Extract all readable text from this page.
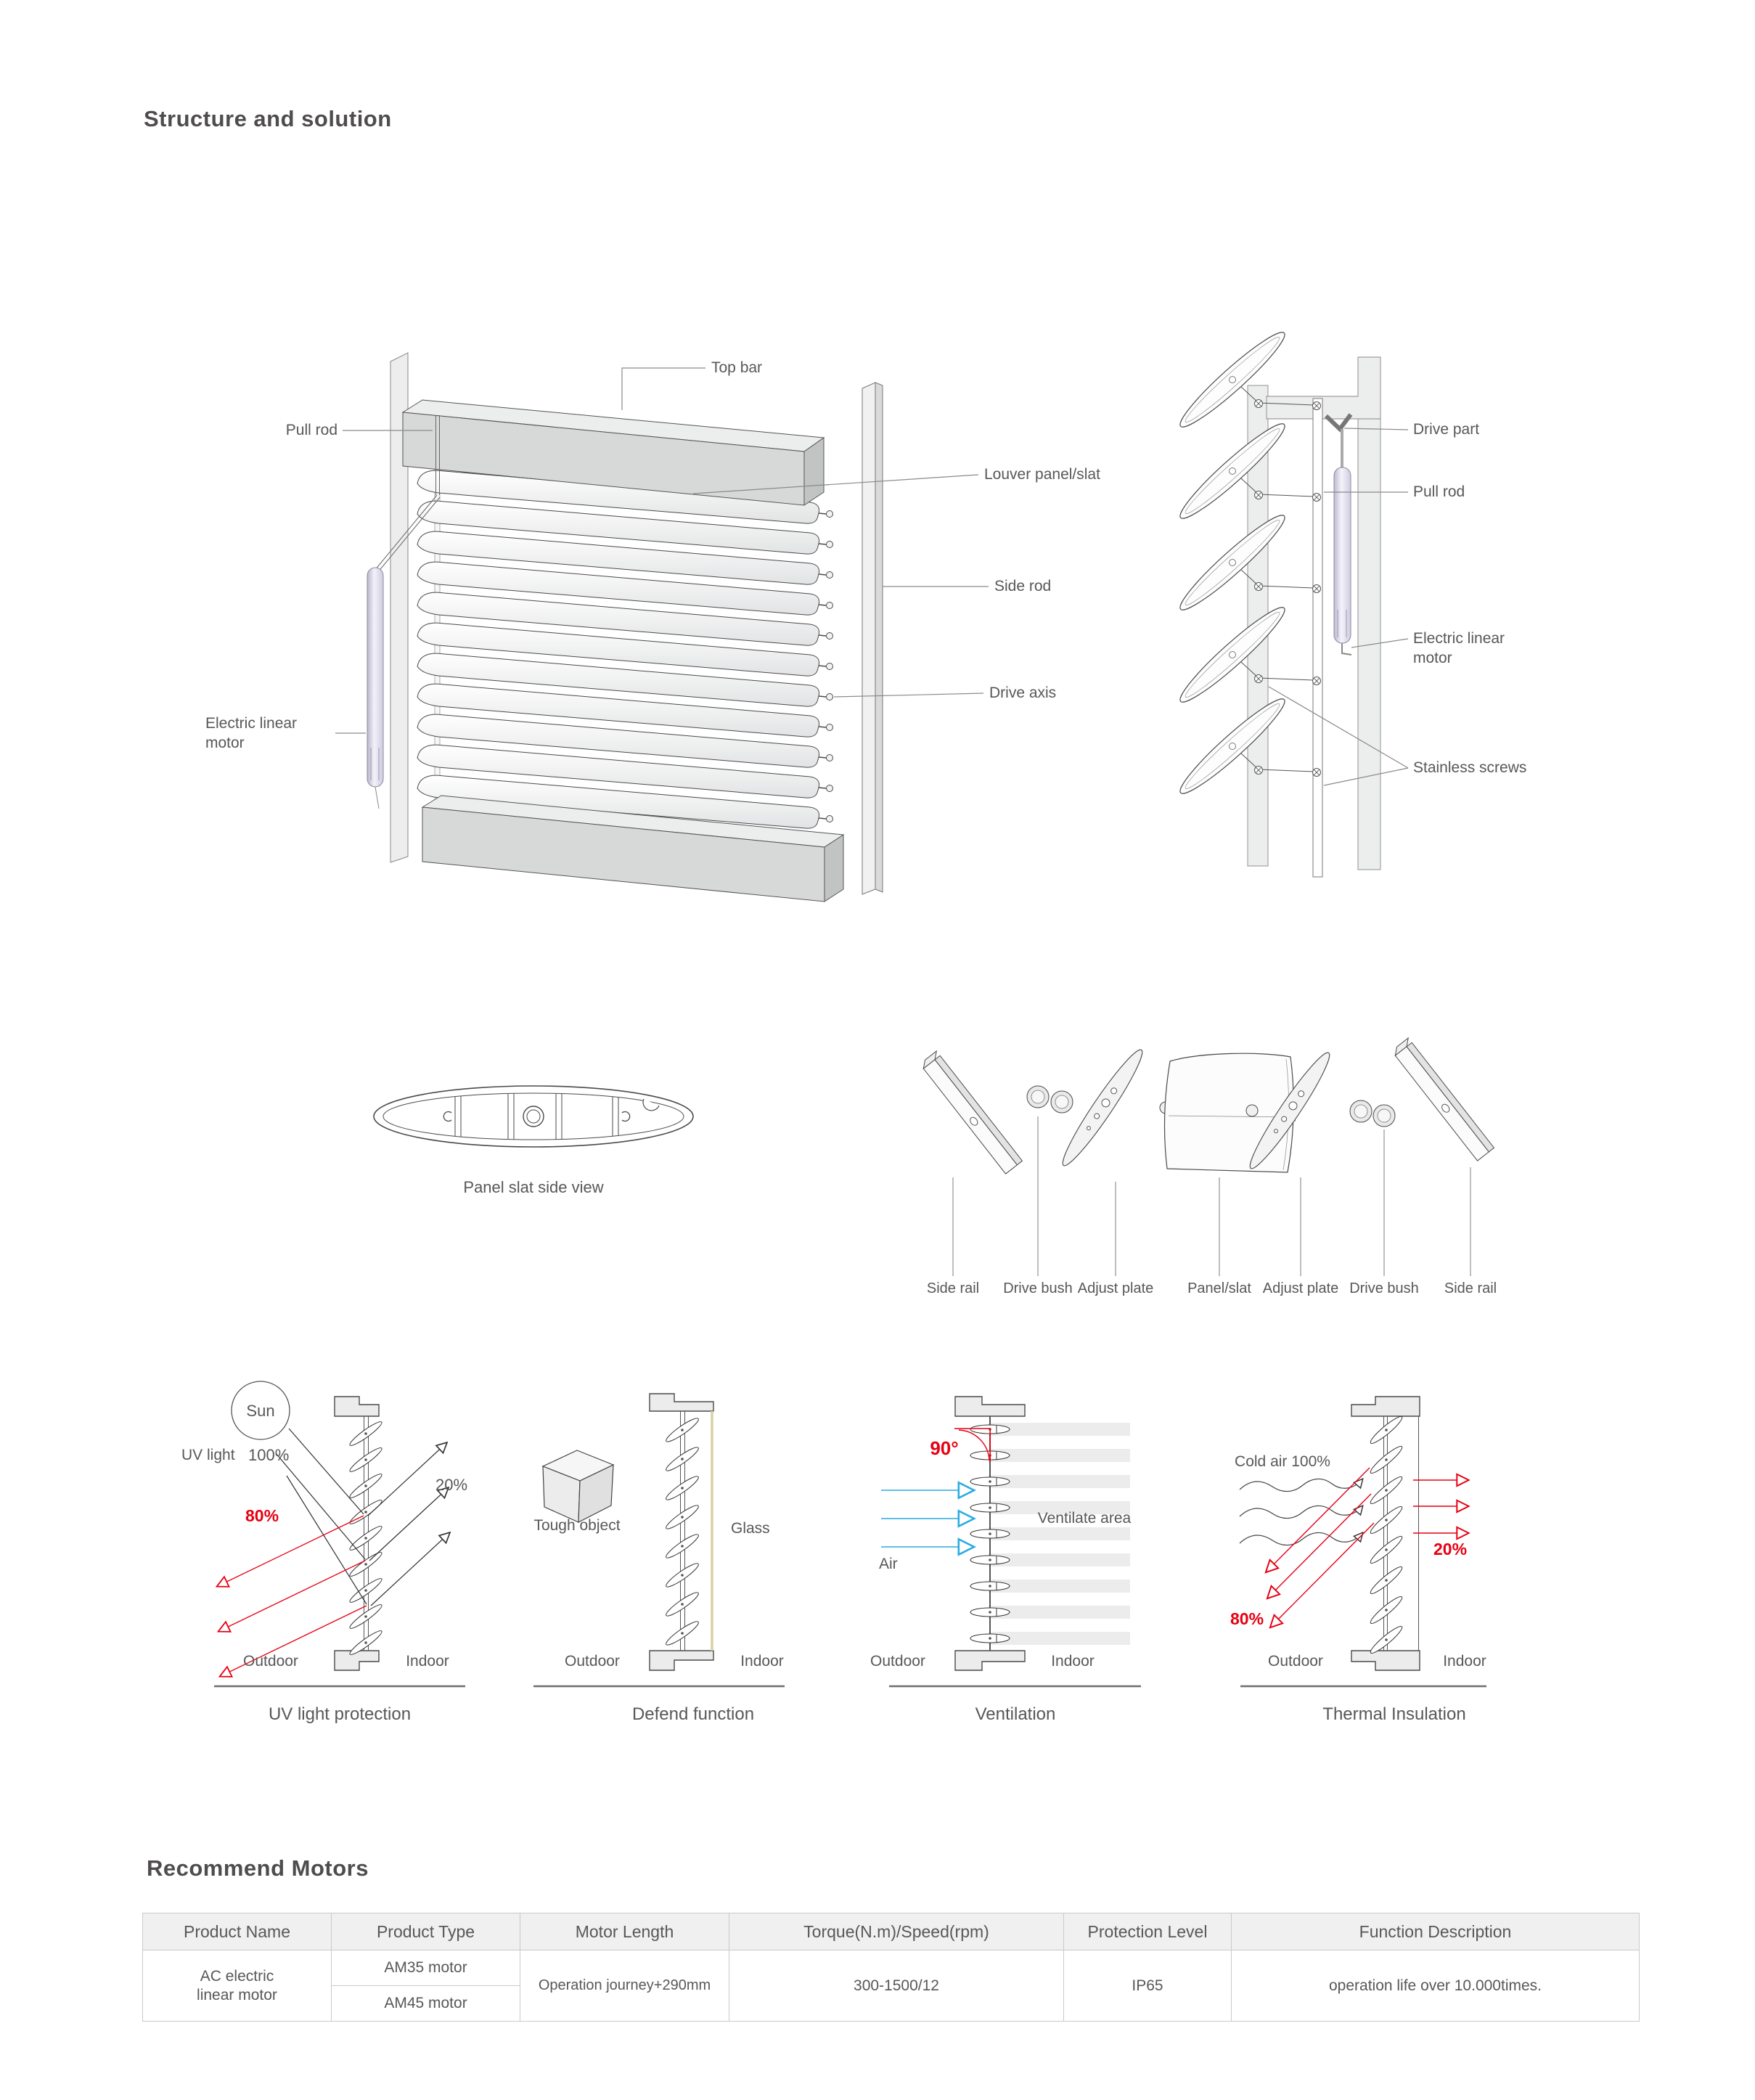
Structure and solution
Top bar
Pull rod
Louver panel/slat
Side rod
Drive axis
Electric linear motor
Drive part
Pull rod
Electric linear motor
Stainless screws
Panel slat side view
Side rail	Drive bush Adjust plate	Panel/slat Adjust plate Drive bush	Side rail
Sun
UV light 100%
80%
20%
Outdoor	Indoor
UV light protection
Tough object	Glass
Outdoor	Indoor
Defend function
90°
Air
Ventilate area
Outdoor	Indoor
Ventilation
Cold air 100%
20%
80%
Outdoor	Indoor
Thermal Insulation
Recommend Motors
Product Name	Product Type	Motor Length	Torque(N.m)/Speed(rpm)	Protection Level	Function Description

AC electric linear motor	AM35 motor	Operation journey+290mm	300-1500/12	IP65	operation life over 10.000times.
	AM45 motor				
